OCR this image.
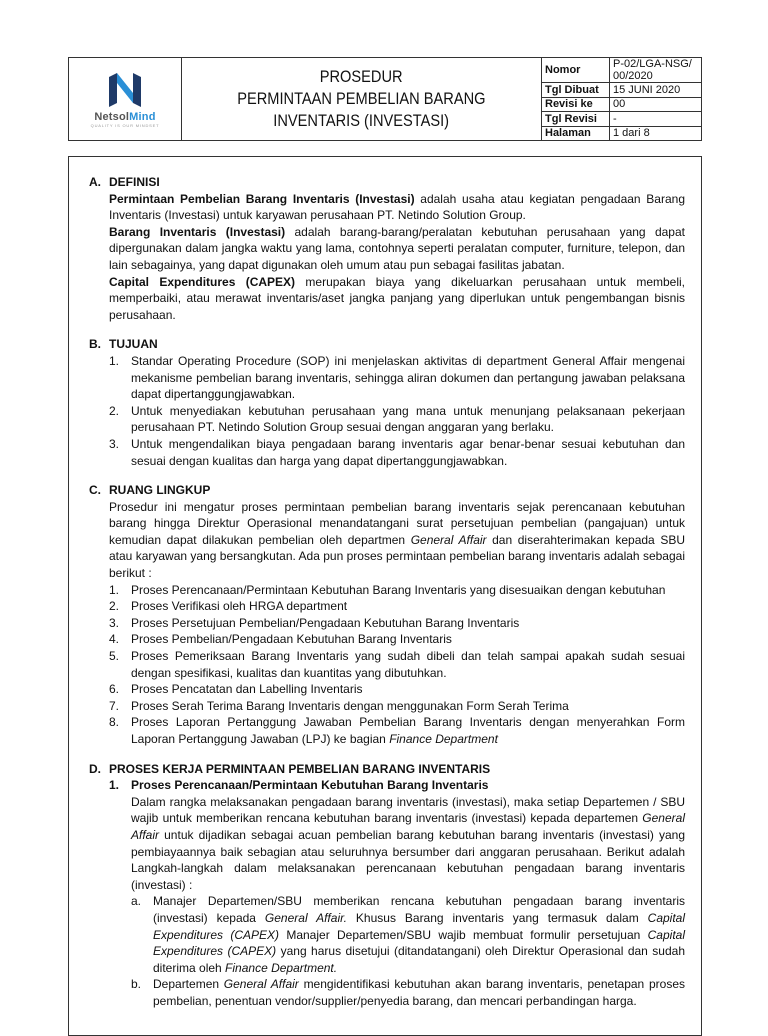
NetsolMind
QUALITY IS OUR MINDSET
PROSEDUR
PERMINTAAN PEMBELIAN BARANG
INVENTARIS (INVESTASI)
Nomor	P-02/LGA-NSG/ 00/2020
Tgl Dibuat	15 JUNI 2020
Revisi ke	00
Tgl Revisi	-
Halaman	1 dari 8
A. DEFINISI
Permintaan Pembelian Barang Inventaris (Investasi) adalah usaha atau kegiatan pengadaan Barang Inventaris (Investasi) untuk karyawan perusahaan PT. Netindo Solution Group.
Barang Inventaris (Investasi) adalah barang-barang/peralatan kebutuhan perusahaan yang dapat dipergunakan dalam jangka waktu yang lama, contohnya seperti peralatan computer, furniture, telepon, dan lain sebagainya, yang dapat digunakan oleh umum atau pun sebagai fasilitas jabatan.
Capital Expenditures (CAPEX) merupakan biaya yang dikeluarkan perusahaan untuk membeli, memperbaiki, atau merawat inventaris/aset jangka panjang yang diperlukan untuk pengembangan bisnis perusahaan.
B. TUJUAN
1. Standar Operating Procedure (SOP) ini menjelaskan aktivitas di department General Affair mengenai mekanisme pembelian barang inventaris, sehingga aliran dokumen dan pertangung jawaban pelaksana dapat dipertanggungjawabkan.
2. Untuk menyediakan kebutuhan perusahaan yang mana untuk menunjang pelaksanaan pekerjaan perusahaan PT. Netindo Solution Group sesuai dengan anggaran yang berlaku.
3. Untuk mengendalikan biaya pengadaan barang inventaris agar benar-benar sesuai kebutuhan dan sesuai dengan kualitas dan harga yang dapat dipertanggungjawabkan.
C. RUANG LINGKUP
Prosedur ini mengatur proses permintaan pembelian barang inventaris sejak perencanaan kebutuhan barang hingga Direktur Operasional menandatangani surat persetujuan pembelian (pangajuan) untuk kemudian dapat dilakukan pembelian oleh departmen General Affair dan diserahterimakan kepada SBU atau karyawan yang bersangkutan. Ada pun proses permintaan pembelian barang inventaris adalah sebagai berikut :
1. Proses Perencanaan/Permintaan Kebutuhan Barang Inventaris yang disesuaikan dengan kebutuhan
2. Proses Verifikasi oleh HRGA department
3. Proses Persetujuan Pembelian/Pengadaan Kebutuhan Barang Inventaris
4. Proses Pembelian/Pengadaan Kebutuhan Barang Inventaris
5. Proses Pemeriksaan Barang Inventaris yang sudah dibeli dan telah sampai apakah sudah sesuai dengan spesifikasi, kualitas dan kuantitas yang dibutuhkan.
6. Proses Pencatatan dan Labelling Inventaris
7. Proses Serah Terima Barang Inventaris dengan menggunakan Form Serah Terima
8. Proses Laporan Pertanggung Jawaban Pembelian Barang Inventaris dengan menyerahkan Form Laporan Pertanggung Jawaban (LPJ) ke bagian Finance Department
D. PROSES KERJA PERMINTAAN PEMBELIAN BARANG INVENTARIS
1. Proses Perencanaan/Permintaan Kebutuhan Barang Inventaris
Dalam rangka melaksanakan pengadaan barang inventaris (investasi), maka setiap Departemen / SBU wajib untuk memberikan rencana kebutuhan barang inventaris (investasi) kepada departemen General Affair untuk dijadikan sebagai acuan pembelian barang kebutuhan barang inventaris (investasi) yang pembiayaannya baik sebagian atau seluruhnya bersumber dari anggaran perusahaan. Berikut adalah Langkah-langkah dalam melaksanakan perencanaan kebutuhan pengadaan barang inventaris (investasi) :
a. Manajer Departemen/SBU memberikan rencana kebutuhan pengadaan barang inventaris (investasi) kepada General Affair. Khusus Barang inventaris yang termasuk dalam Capital Expenditures (CAPEX) Manajer Departemen/SBU wajib membuat formulir persetujuan Capital Expenditures (CAPEX) yang harus disetujui (ditandatangani) oleh Direktur Operasional dan sudah diterima oleh Finance Department.
b. Departemen General Affair mengidentifikasi kebutuhan akan barang inventaris, penetapan proses pembelian, penentuan vendor/supplier/penyedia barang, dan mencari perbandingan harga.
